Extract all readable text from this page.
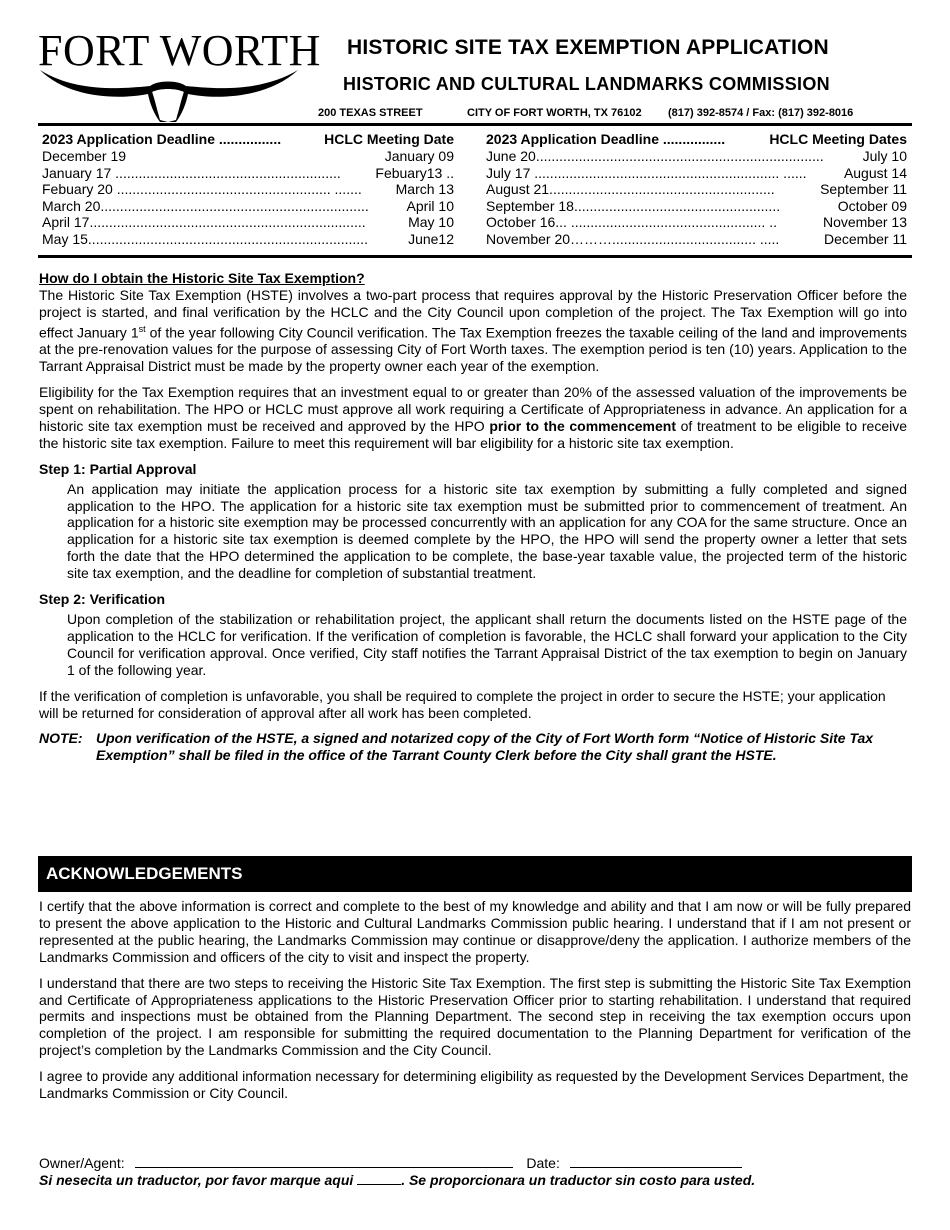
FORT WORTH HISTORIC SITE TAX EXEMPTION APPLICATION
HISTORIC AND CULTURAL LANDMARKS COMMISSION
200 TEXAS STREET	CITY OF FORT WORTH, TX 76102 (817) 392-8574 / Fax: (817) 392-8016
2023 Application Deadline ................	HCLC Meeting Date
December 19	January 09
January 17 .......................................................... Febuary13 ..
Febuary 20 ....................................................... ....... March 13
March 20.....................................................................	April 10
April 17.......................................................................	May 10
May 15........................................................................	June12
2023 Application Deadline ................	HCLC Meeting Dates
June 20..........................................................................	July 10
July 17 ............................................................... ......	August 14
August 21..........................................................	September 11
September 18.....................................................	October 09
October 16... .................................................. ..	November 13
November 20………..................................... .....	December 11

How do I obtain the Historic Site Tax Exemption?

The Historic Site Tax Exemption (HSTE) involves a two-part process that requires approval by the Historic Preservation Officer before the project is started, and final verification by the HCLC and the City Council upon completion of the project. The Tax Exemption will go into effect January 1st of the year following City Council verification. The Tax Exemption freezes the taxable ceiling of the land and improvements at the pre-renovation values for the purpose of assessing City of Fort Worth taxes. The exemption period is ten (10) years. Application to the Tarrant Appraisal District must be made by the property owner each year of the exemption.

Eligibility for the Tax Exemption requires that an investment equal to or greater than 20% of the assessed valuation of the improvements be spent on rehabilitation. The HPO or HCLC must approve all work requiring a Certificate of Appropriateness in advance. An application for a historic site tax exemption must be received and approved by the HPO prior to the commencement of treatment to be eligible to receive the historic site tax exemption. Failure to meet this requirement will bar eligibility for a historic site tax exemption.

Step 1: Partial Approval

An application may initiate the application process for a historic site tax exemption by submitting a fully completed and signed application to the HPO. The application for a historic site tax exemption must be submitted prior to commencement of treatment. An application for a historic site exemption may be processed concurrently with an application for any COA for the same structure. Once an application for a historic site tax exemption is deemed complete by the HPO, the HPO will send the property owner a letter that sets forth the date that the HPO determined the application to be complete, the base-year taxable value, the projected term of the historic site tax exemption, and the deadline for completion of substantial treatment.

Step 2: Verification

Upon completion of the stabilization or rehabilitation project, the applicant shall return the documents listed on the HSTE page of the application to the HCLC for verification. If the verification of completion is favorable, the HCLC shall forward your application to the City Council for verification approval. Once verified, City staff notifies the Tarrant Appraisal District of the tax exemption to begin on January 1 of the following year.

If the verification of completion is unfavorable, you shall be required to complete the project in order to secure the HSTE; your application will be returned for consideration of approval after all work has been completed.

NOTE: Upon verification of the HSTE, a signed and notarized copy of the City of Fort Worth form “Notice of Historic Site Tax Exemption” shall be filed in the office of the Tarrant County Clerk before the City shall grant the HSTE.
ACKNOWLEDGEMENTS

I certify that the above information is correct and complete to the best of my knowledge and ability and that I am now or will be fully prepared to present the above application to the Historic and Cultural Landmarks Commission public hearing. I understand that if I am not present or represented at the public hearing, the Landmarks Commission may continue or disapprove/deny the application. I authorize members of the Landmarks Commission and officers of the city to visit and inspect the property.

I understand that there are two steps to receiving the Historic Site Tax Exemption. The first step is submitting the Historic Site Tax Exemption and Certificate of Appropriateness applications to the Historic Preservation Officer prior to starting rehabilitation. I understand that required permits and inspections must be obtained from the Planning Department. The second step in receiving the tax exemption occurs upon completion of the project. I am responsible for submitting the required documentation to the Planning Department for verification of the project’s completion by the Landmarks Commission and the City Council.

I agree to provide any additional information necessary for determining eligibility as requested by the Development Services Department, the Landmarks Commission or City Council.

Owner/Agent:	Date:
Si nesecita un traductor, por favor marque aqui	. Se proporcionara un traductor sin costo para usted.
